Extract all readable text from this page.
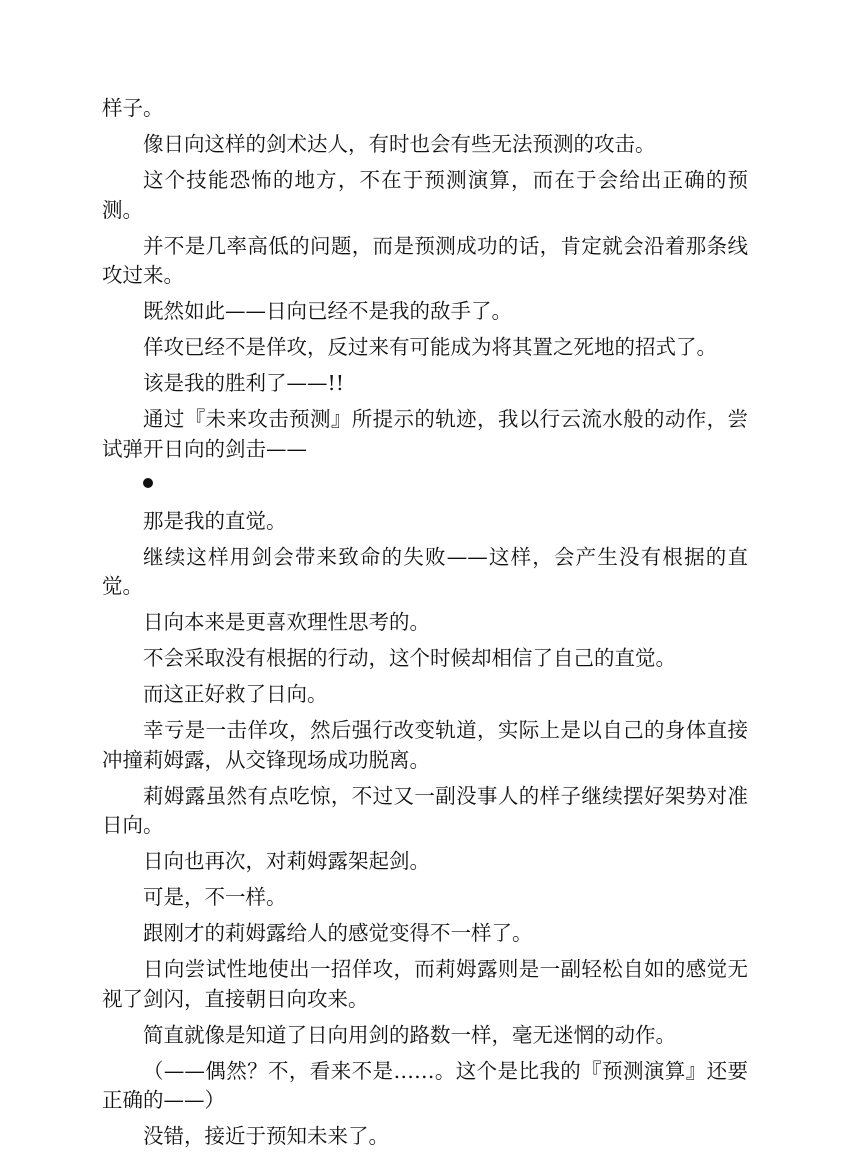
样子。

像日向这样的剑术达人，有时也会有些无法预测的攻击。

这个技能恐怖的地方，不在于预测演算，而在于会给出正确的预测。

并不是几率高低的问题，而是预测成功的话，肯定就会沿着那条线攻过来。

既然如此——日向已经不是我的敌手了。

佯攻已经不是佯攻，反过来有可能成为将其置之死地的招式了。

该是我的胜利了——!!

通过『未来攻击预测』所提示的轨迹，我以行云流水般的动作，尝试弹开日向的剑击——

那是我的直觉。

继续这样用剑会带来致命的失败——这样，会产生没有根据的直觉。

日向本来是更喜欢理性思考的。

不会采取没有根据的行动，这个时候却相信了自己的直觉。

而这正好救了日向。

幸亏是一击佯攻，然后强行改变轨道，实际上是以自己的身体直接冲撞莉姆露，从交锋现场成功脱离。

莉姆露虽然有点吃惊，不过又一副没事人的样子继续摆好架势对准日向。

日向也再次，对莉姆露架起剑。

可是，不一样。

跟刚才的莉姆露给人的感觉变得不一样了。

日向尝试性地使出一招佯攻，而莉姆露则是一副轻松自如的感觉无视了剑闪，直接朝日向攻来。

简直就像是知道了日向用剑的路数一样，毫无迷惘的动作。

（——偶然？不，看来不是……。这个是比我的『预测演算』还要正确的——）

没错，接近于预知未来了。
